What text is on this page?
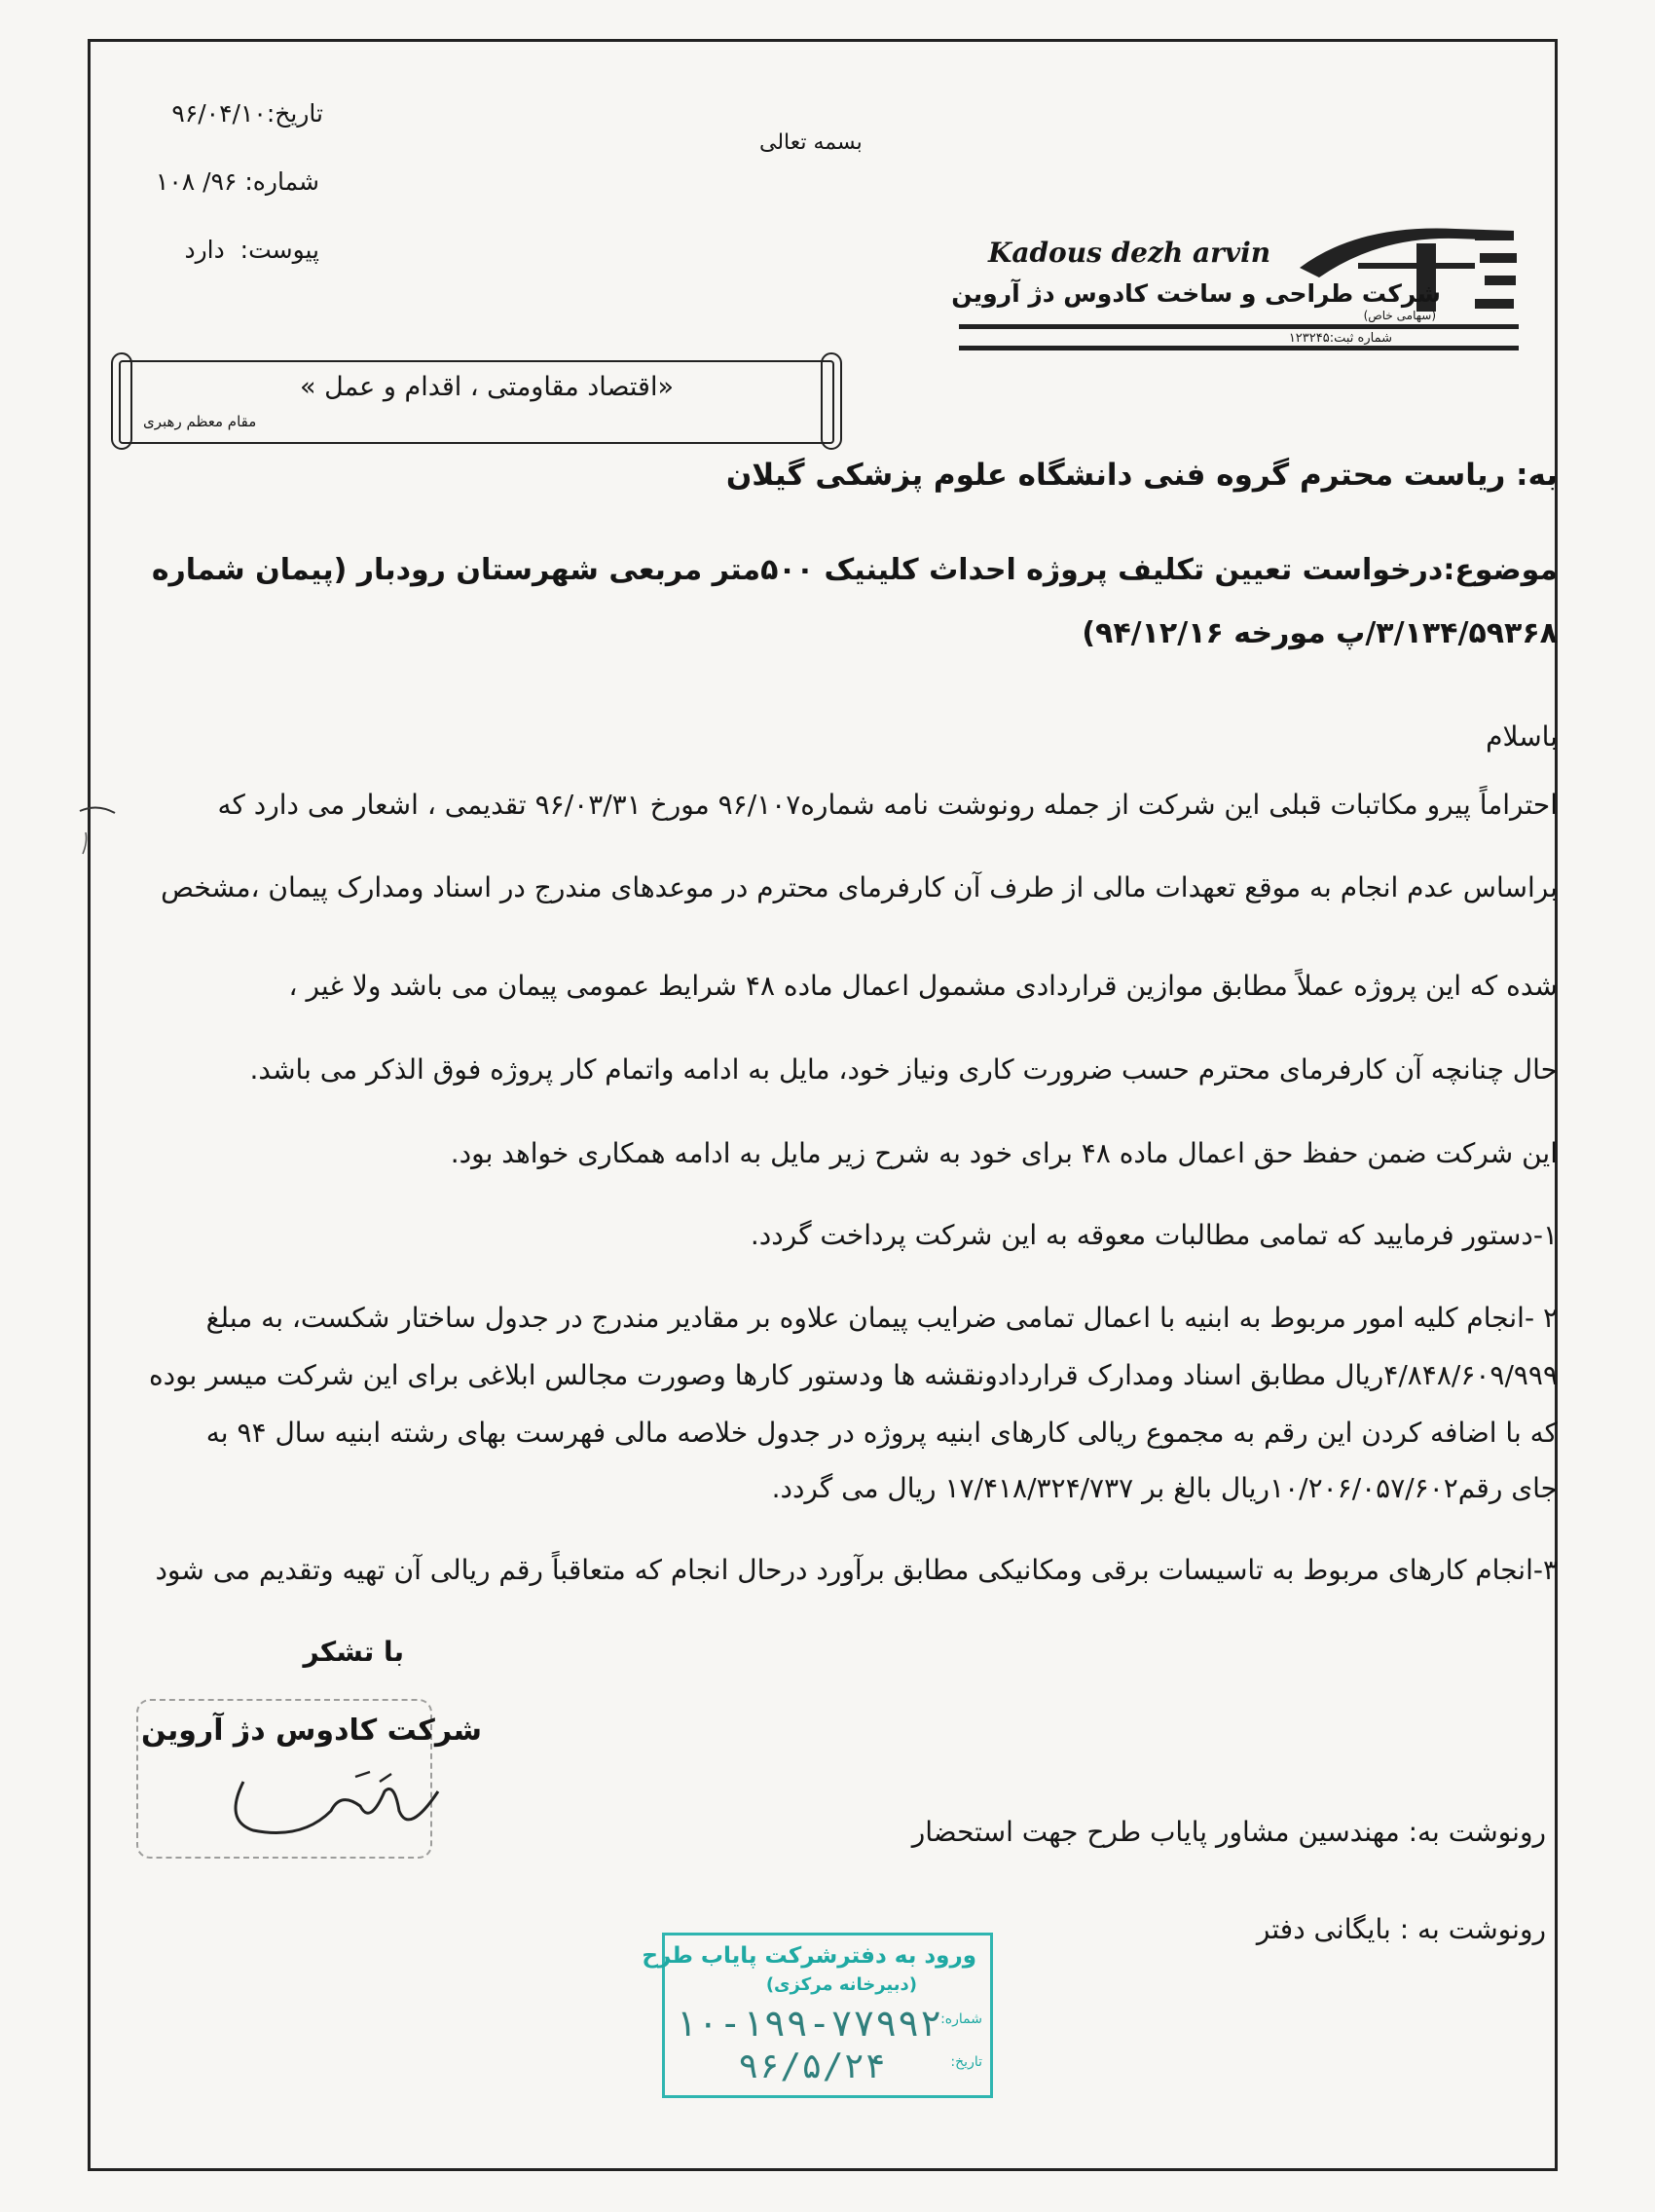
تاریخ:۹۶/۰۴/۱۰
شماره: ۹۶/ ۱۰۸
پیوست:  دارد
بسمه تعالی
Kadous dezh arvin
شرکت طراحی و ساخت کادوس دژ آروین
(سهامی خاص)
شماره ثبت:۱۲۳۲۴۵
«اقتصاد مقاومتی ، اقدام و عمل »
مقام معظم رهبری
به: ریاست محترم گروه فنی دانشگاه علوم پزشکی گیلان
موضوع:درخواست تعیین تکلیف پروژه احداث کلینیک ۵۰۰متر مربعی شهرستان رودبار (پیمان شماره
۳/۱۳۴/۵۹۳۶۸/پ مورخه ۹۴/۱۲/۱۶)
باسلام
احتراماً پیرو مکاتبات قبلی این شرکت از جمله رونوشت نامه شماره۹۶/۱۰۷ مورخ ۹۶/۰۳/۳۱ تقدیمی ، اشعار می دارد که
براساس عدم انجام به موقع تعهدات مالی از طرف آن کارفرمای محترم در موعدهای مندرج در اسناد ومدارک پیمان ،مشخص
شده که این پروژه عملاً مطابق موازین قراردادی مشمول اعمال ماده ۴۸ شرایط عمومی پیمان می باشد ولا غیر ،
حال چنانچه آن کارفرمای محترم حسب ضرورت کاری ونیاز خود، مایل به ادامه واتمام کار پروژه فوق الذکر می باشد.
این شرکت ضمن حفظ حق اعمال ماده ۴۸ برای خود به شرح زیر مایل به ادامه همکاری خواهد بود.
۱-دستور فرمایید که تمامی مطالبات معوقه به این شرکت پرداخت گردد.
۲ -انجام کلیه امور مربوط به ابنیه با اعمال تمامی ضرایب پیمان علاوه بر مقادیر مندرج در جدول ساختار شکست، به مبلغ
۴/۸۴۸/۶۰۹/۹۹۹ریال مطابق اسناد ومدارک قراردادونقشه ها ودستور کارها وصورت مجالس ابلاغی برای این شرکت میسر بوده
که با اضافه کردن این رقم به مجموع ریالی کارهای ابنیه پروژه در جدول خلاصه مالی فهرست بهای رشته ابنیه سال ۹۴ به
جای رقم۱۰/۲۰۶/۰۵۷/۶۰۲ریال بالغ بر ۱۷/۴۱۸/۳۲۴/۷۳۷ ریال می گردد.
۳-انجام کارهای مربوط به تاسیسات برقی ومکانیکی مطابق برآورد درحال انجام که متعاقباً رقم ریالی آن تهیه وتقدیم می شود
با تشکر
شرکت کادوس دژ آروین
رونوشت به: مهندسین مشاور پایاب طرح جهت استحضار
رونوشت به : بایگانی دفتر
ورود به دفترشرکت پایاب طرح
(دبیرخانه مرکزی)
شماره:
۱۰-۱۹۹-۷۷۹۹۲
تاریخ:
۹۶/۵/۲۴
